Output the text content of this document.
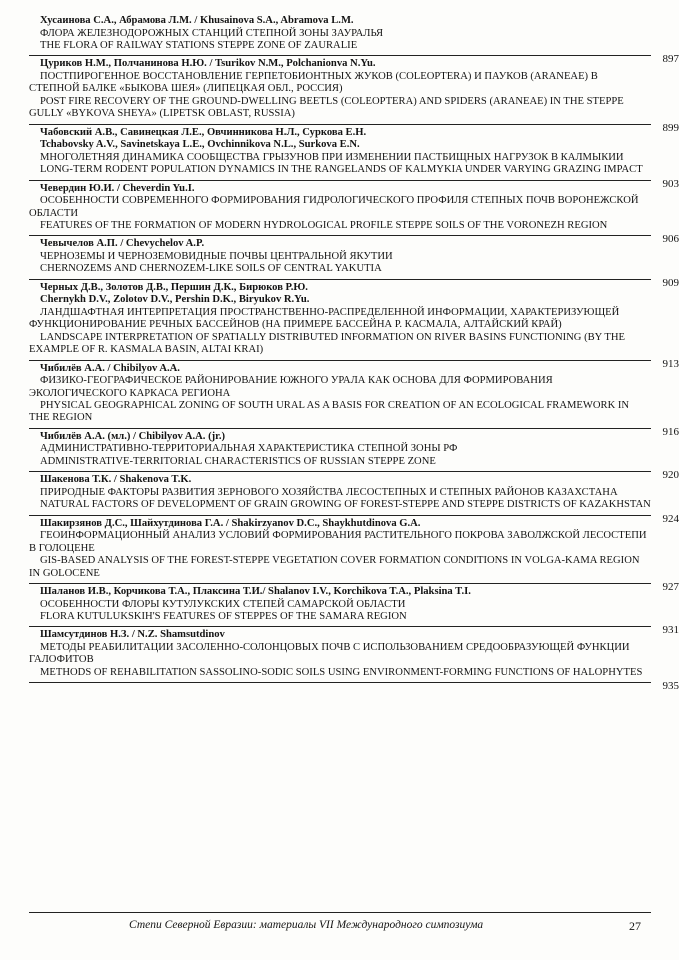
Хусаинова С.А., Абрамова Л.М. / Khusainova S.A., Abramova L.M.
ФЛОРА ЖЕЛЕЗНОДОРОЖНЫХ СТАНЦИЙ СТЕПНОЙ ЗОНЫ ЗАУРАЛЬЯ
THE FLORA OF RAILWAY STATIONS STEPPE ZONE OF ZAURALIE
897
Цуриков Н.М., Полчанинова Н.Ю. / Tsurikov N.M., Polchanionva N.Yu.
ПОСТПИРОГЕННОЕ ВОССТАНОВЛЕНИЕ ГЕРПЕТОБИОНТНЫХ ЖУКОВ (COLEOPTERA) И ПАУКОВ (ARANEAE) В СТЕПНОЙ БАЛКЕ «БЫКОВА ШЕЯ» (ЛИПЕЦКАЯ ОБЛ., РОССИЯ)
POST FIRE RECOVERY OF THE GROUND-DWELLING BEETLS (COLEOPTERA) AND SPIDERS (ARANEAE) IN THE STEPPE GULLY «BYKOVA SHEYA» (LIPETSK OBLAST, RUSSIA)
899
Чабовский А.В., Савинецкая Л.Е., Овчинникова Н.Л., Суркова Е.Н.
Tchabovsky A.V., Savinetskaya L.E., Ovchinnikova N.L., Surkova E.N.
МНОГОЛЕТНЯЯ ДИНАМИКА СООБЩЕСТВА ГРЫЗУНОВ ПРИ ИЗМЕНЕНИИ ПАСТБИЩНЫХ НАГРУЗОК В КАЛМЫКИИ
LONG-TERM RODENT POPULATION DYNAMICS IN THE RANGELANDS OF KALMYKIA UNDER VARYING GRAZING IMPACT
903
Чевердин Ю.И. / Cheverdin Yu.I.
ОСОБЕННОСТИ СОВРЕМЕННОГО ФОРМИРОВАНИЯ ГИДРОЛОГИЧЕСКОГО ПРОФИЛЯ СТЕПНЫХ ПОЧВ ВОРОНЕЖСКОЙ ОБЛАСТИ
FEATURES OF THE FORMATION OF MODERN HYDROLOGICAL PROFILE STEPPE SOILS OF THE VORONEZH REGION
906
Чевычелов А.П. / Chevychelov A.P.
ЧЕРНОЗЕМЫ И ЧЕРНОЗЕМОВИДНЫЕ ПОЧВЫ ЦЕНТРАЛЬНОЙ ЯКУТИИ
CHERNOZEMS AND CHERNOZEM-LIKE SOILS OF CENTRAL YAKUTIA
909
Черных Д.В., Золотов Д.В., Першин Д.К., Бирюков Р.Ю.
Chernykh D.V., Zolotov D.V., Pershin D.K., Biryukov R.Yu.
ЛАНДШАФТНАЯ ИНТЕРПРЕТАЦИЯ ПРОСТРАНСТВЕННО-РАСПРЕДЕЛЕННОЙ ИНФОРМАЦИИ, ХАРАКТЕРИЗУЮЩЕЙ ФУНКЦИОНИРОВАНИЕ РЕЧНЫХ БАССЕЙНОВ (НА ПРИМЕРЕ БАССЕЙНА Р. КАСМАЛА, АЛТАЙСКИЙ КРАЙ)
LANDSCAPE INTERPRETATION OF SPATIALLY DISTRIBUTED INFORMATION ON RIVER BASINS FUNCTIONING (BY THE EXAMPLE OF R. KASMALA BASIN, ALTAI KRAI)
913
Чибилёв А.А. / Chibilyov A.A.
ФИЗИКО-ГЕОГРАФИЧЕСКОЕ РАЙОНИРОВАНИЕ ЮЖНОГО УРАЛА КАК ОСНОВА ДЛЯ ФОРМИРОВАНИЯ ЭКОЛОГИЧЕСКОГО КАРКАСА РЕГИОНА
PHYSICAL GEOGRAPHICAL ZONING OF SOUTH URAL AS A BASIS FOR CREATION OF AN ECOLOGICAL FRAMEWORK IN THE REGION
916
Чибилёв А.А. (мл.) / Chibilyov A.A. (jr.)
АДМИНИСТРАТИВНО-ТЕРРИТОРИАЛЬНАЯ ХАРАКТЕРИСТИКА СТЕПНОЙ ЗОНЫ РФ
ADMINISTRATIVE-TERRITORIAL CHARACTERISTICS OF RUSSIAN STEPPE ZONE
920
Шакенова Т.К. / Shakenova T.K.
ПРИРОДНЫЕ ФАКТОРЫ РАЗВИТИЯ ЗЕРНОВОГО ХОЗЯЙСТВА ЛЕСОСТЕПНЫХ И СТЕПНЫХ РАЙОНОВ КАЗАХСТАНА
NATURAL FACTORS OF DEVELOPMENT OF GRAIN GROWING OF FOREST-STEPPE AND STEPPE DISTRICTS OF KAZAKHSTAN
924
Шакирзянов Д.С., Шайхутдинова Г.А. / Shakirzyanov D.C., Shaykhutdinova G.A.
ГЕОИНФОРМАЦИОННЫЙ АНАЛИЗ УСЛОВИЙ ФОРМИРОВАНИЯ РАСТИТЕЛЬНОГО ПОКРОВА ЗАВОЛЖСКОЙ ЛЕСОСТЕПИ В ГОЛОЦЕНЕ
GIS-BASED ANALYSIS OF THE FOREST-STEPPE VEGETATION COVER FORMATION CONDITIONS IN VOLGA-KAMA REGION IN GOLOCENE
927
Шаланов И.В., Корчикова Т.А., Плаксина Т.И./ Shalanov I.V., Korchikova T.A., Plaksina T.I.
ОСОБЕННОСТИ ФЛОРЫ КУТУЛУКСКИХ СТЕПЕЙ САМАРСКОЙ ОБЛАСТИ
FLORA KUTULUKSKIH'S FEATURES OF STEPPES OF THE SAMARA REGION
931
Шамсутдинов Н.З. / N.Z. Shamsutdinov
МЕТОДЫ РЕАБИЛИТАЦИИ ЗАСОЛЕННО-СОЛОНЦОВЫХ ПОЧВ С ИСПОЛЬЗОВАНИЕМ СРЕДООБРАЗУЮЩЕЙ ФУНКЦИИ ГАЛОФИТОВ
METHODS OF REHABILITATION SASSOLINO-SODIC SOILS USING ENVIRONMENT-FORMING FUNCTIONS OF HALOPHYTES
935
Степи Северной Евразии: материалы VII Международного симпозиума	27
